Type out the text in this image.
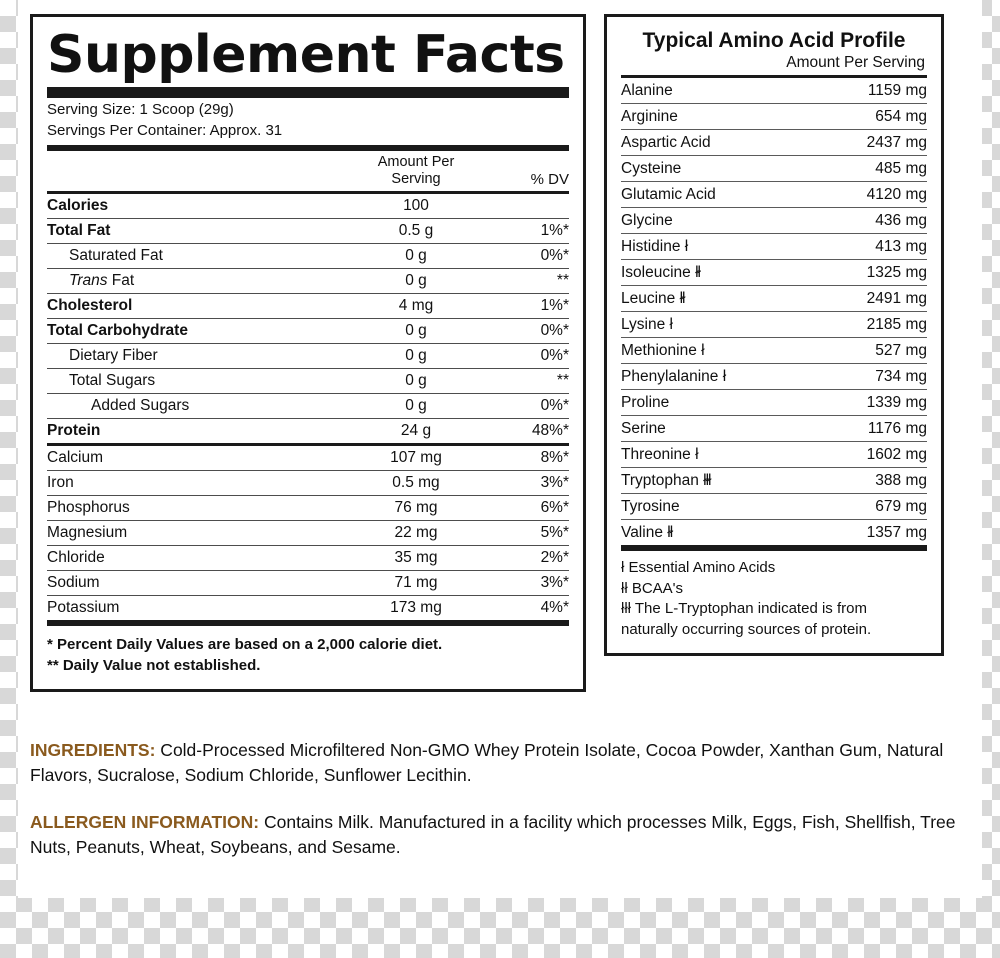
Supplement Facts
Serving Size: 1 Scoop (29g)
Servings Per Container: Approx. 31
	Amount Per
Serving	% DV
Calories	100	
Total Fat	0.5 g	1%*
Saturated Fat	0 g	0%*
Trans Fat	0 g	**
Cholesterol	4 mg	1%*
Total Carbohydrate	0 g	0%*
Dietary Fiber	0 g	0%*
Total Sugars	0 g	**
Added Sugars	0 g	0%*
Protein	24 g	48%*
Calcium	107 mg	8%*
Iron	0.5 mg	3%*
Phosphorus	76 mg	6%*
Magnesium	22 mg	5%*
Chloride	35 mg	2%*
Sodium	71 mg	3%*
Potassium	173 mg	4%*
* Percent Daily Values are based on a 2,000 calorie diet.
** Daily Value not established.
Typical Amino Acid Profile
Amount Per Serving
Alanine	1159 mg
Arginine	654 mg
Aspartic Acid	2437 mg
Cysteine	485 mg
Glutamic Acid	4120 mg
Glycine	436 mg
Histidine ł	413 mg
Isoleucine łł	1325 mg
Leucine łł	2491 mg
Lysine ł	2185 mg
Methionine ł	527 mg
Phenylalanine ł	734 mg
Proline	1339 mg
Serine	1176 mg
Threonine ł	1602 mg
Tryptophan łłł	388 mg
Tyrosine	679 mg
Valine łł	1357 mg
ł Essential Amino Acids
łł BCAA's
łłł The L-Tryptophan indicated is from naturally occurring sources of protein.
INGREDIENTS: Cold-Processed Microfiltered Non-GMO Whey Protein Isolate, Cocoa Powder, Xanthan Gum, Natural Flavors, Sucralose, Sodium Chloride, Sunflower Lecithin.
ALLERGEN INFORMATION: Contains Milk. Manufactured in a facility which processes Milk, Eggs, Fish, Shellfish, Tree Nuts, Peanuts, Wheat, Soybeans, and Sesame.
